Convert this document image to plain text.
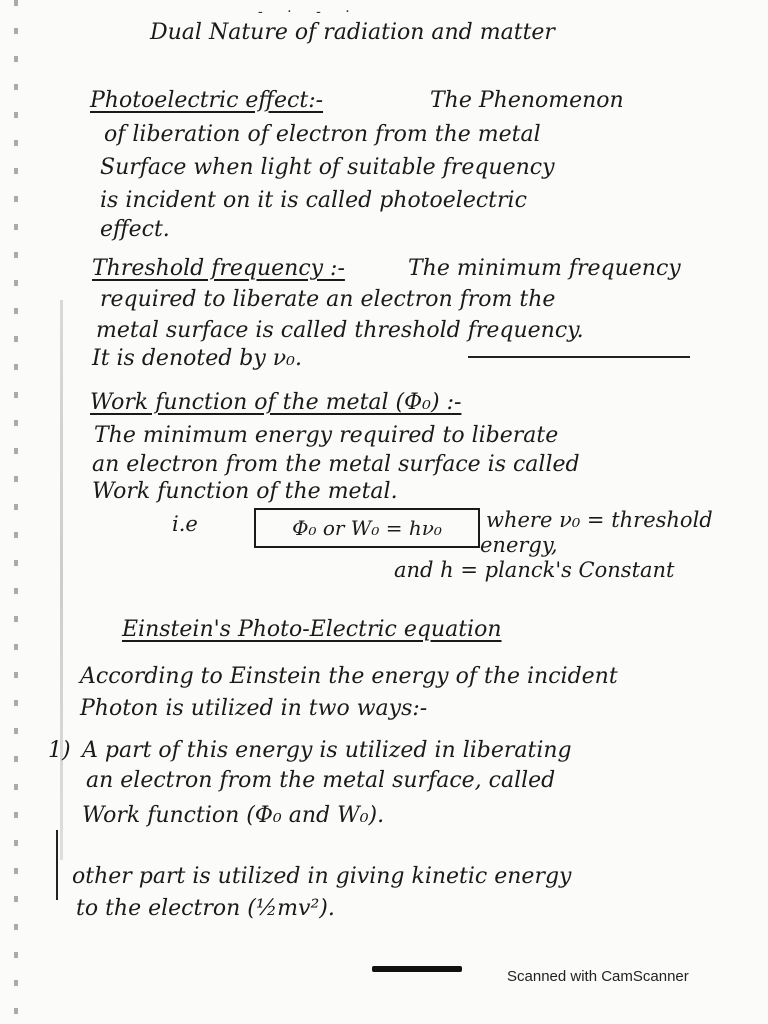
- · - ·
Dual Nature of radiation and matter
Photoelectric effect:-	The Phenomenon
of liberation of electron from the metal
Surface when light of suitable frequency
is incident on it is called photoelectric
effect.
Threshold frequency :-	The minimum frequency
required to liberate an electron from the
metal surface is called threshold frequency.
It is denoted by ν₀.
Work function of the metal (Φ₀) :-
The minimum energy required to liberate
an electron from the metal surface is called
Work function of the metal.
i.e	Φ₀ or W₀ = hν₀	where ν₀ = threshold
energy,
and h = planck's Constant
Einstein's Photo-Electric equation
According to Einstein the energy of the incident
Photon is utilized in two ways:-
1) A part of this energy is utilized in liberating
an electron from the metal surface, called
Work function (Φ₀ and W₀).
other part is utilized in giving kinetic energy
to the electron (½mv²).
Scanned with CamScanner
